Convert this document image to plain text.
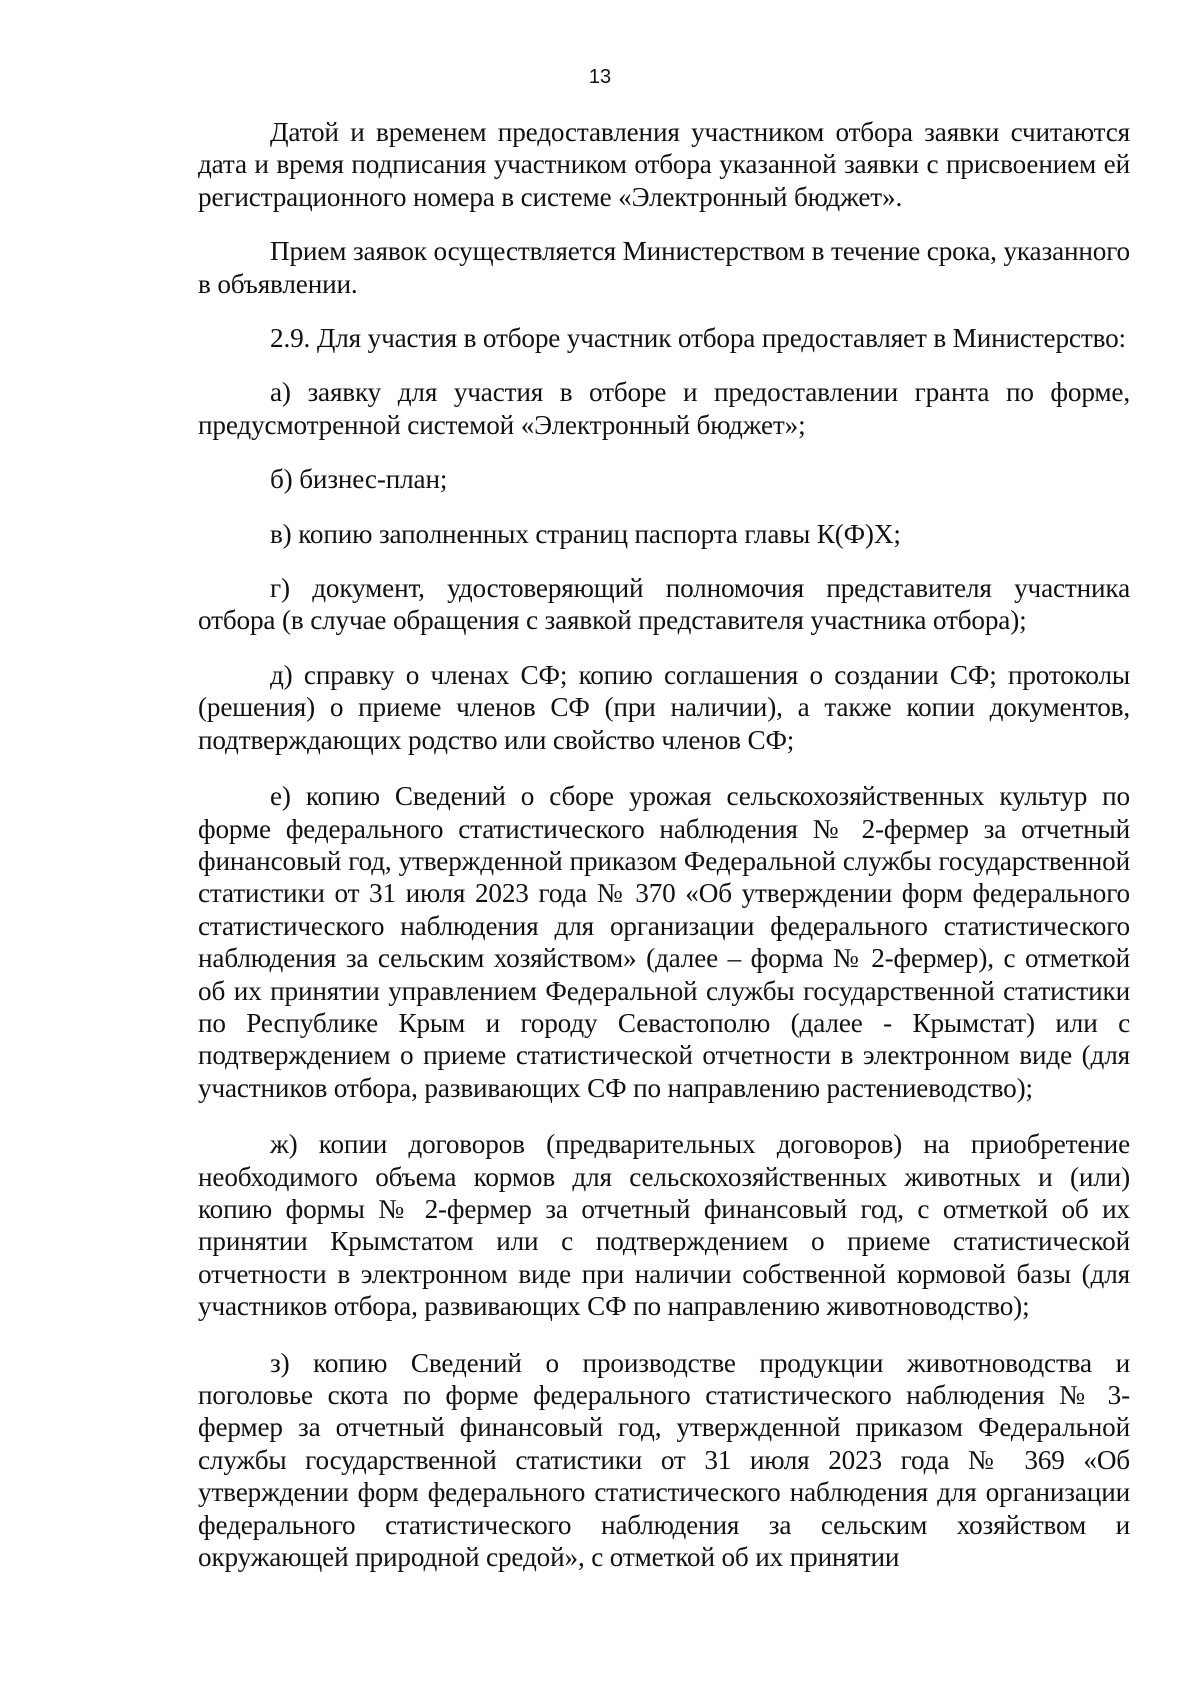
13

Датой и временем предоставления участником отбора заявки считаются дата и время подписания участником отбора указанной заявки с присвоением ей регистрационного номера в системе «Электронный бюджет».

Прием заявок осуществляется Министерством в течение срока, указанного в объявлении.

2.9. Для участия в отборе участник отбора предоставляет в Министерство:

а) заявку для участия в отборе и предоставлении гранта по форме, предусмотренной системой «Электронный бюджет»;

б) бизнес-план;

в) копию заполненных страниц паспорта главы К(Ф)Х;

г) документ, удостоверяющий полномочия представителя участника отбора (в случае обращения с заявкой представителя участника отбора);

д) справку о членах СФ; копию соглашения о создании СФ; протоколы (решения) о приеме членов СФ (при наличии), а также копии документов, подтверждающих родство или свойство членов СФ;

е) копию Сведений о сборе урожая сельскохозяйственных культур по форме федерального статистического наблюдения № 2-фермер за отчетный финансовый год, утвержденной приказом Федеральной службы государственной статистики от 31 июля 2023 года № 370 «Об утверждении форм федерального статистического наблюдения для организации федерального статистического наблюдения за сельским хозяйством» (далее – форма № 2-фермер), с отметкой об их принятии управлением Федеральной службы государственной статистики по Республике Крым и городу Севастополю (далее - Крымстат) или с подтверждением о приеме статистической отчетности в электронном виде (для участников отбора, развивающих СФ по направлению растениеводство);

ж) копии договоров (предварительных договоров) на приобретение необходимого объема кормов для сельскохозяйственных животных и (или) копию формы № 2-фермер за отчетный финансовый год, с отметкой об их принятии Крымстатом или с подтверждением о приеме статистической отчетности в электронном виде при наличии собственной кормовой базы (для участников отбора, развивающих СФ по направлению животноводство);

з) копию Сведений о производстве продукции животноводства и поголовье скота по форме федерального статистического наблюдения № 3-фермер за отчетный финансовый год, утвержденной приказом Федеральной службы государственной статистики от 31 июля 2023 года № 369 «Об утверждении форм федерального статистического наблюдения для организации федерального статистического наблюдения за сельским хозяйством и окружающей природной средой», с отметкой об их принятии
